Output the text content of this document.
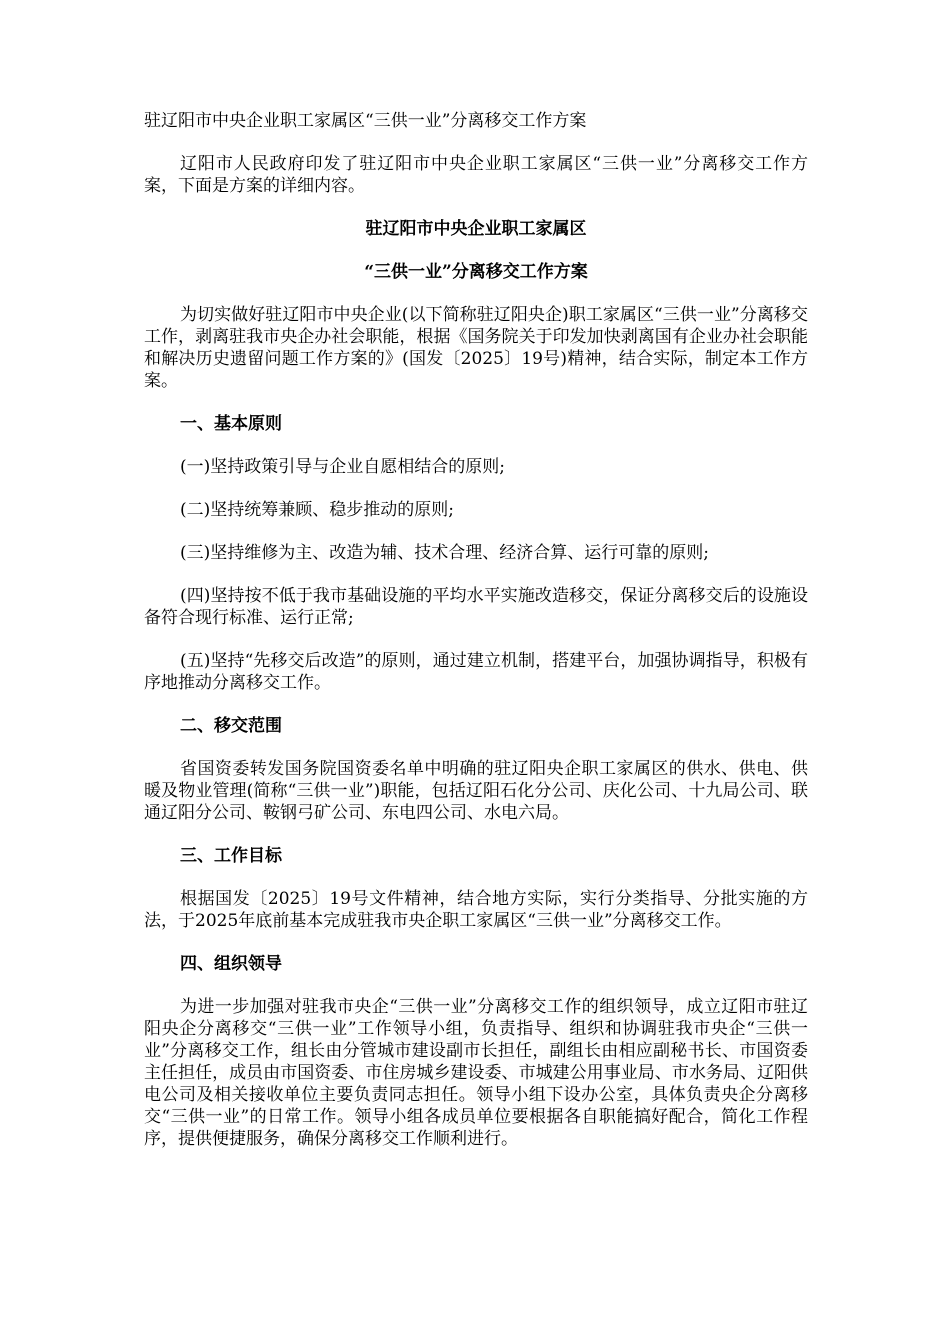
驻辽阳市中央企业职工家属区“三供一业”分离移交工作方案

辽阳市人民政府印发了驻辽阳市中央企业职工家属区“三供一业”分离移交工作方案，下面是方案的详细内容。

驻辽阳市中央企业职工家属区

“三供一业”分离移交工作方案

为切实做好驻辽阳市中央企业(以下简称驻辽阳央企)职工家属区“三供一业”分离移交工作，剥离驻我市央企办社会职能，根据《国务院关于印发加快剥离国有企业办社会职能和解决历史遗留问题工作方案的》(国发〔2025〕19号)精神，结合实际，制定本工作方案。

一、基本原则

(一)坚持政策引导与企业自愿相结合的原则;

(二)坚持统筹兼顾、稳步推动的原则;

(三)坚持维修为主、改造为辅、技术合理、经济合算、运行可靠的原则;

(四)坚持按不低于我市基础设施的平均水平实施改造移交，保证分离移交后的设施设备符合现行标准、运行正常;

(五)坚持“先移交后改造”的原则，通过建立机制，搭建平台，加强协调指导，积极有序地推动分离移交工作。

二、移交范围

省国资委转发国务院国资委名单中明确的驻辽阳央企职工家属区的供水、供电、供暖及物业管理(简称“三供一业”)职能，包括辽阳石化分公司、庆化公司、十九局公司、联通辽阳分公司、鞍钢弓矿公司、东电四公司、水电六局。

三、工作目标

根据国发〔2025〕19号文件精神，结合地方实际，实行分类指导、分批实施的方法，于2025年底前基本完成驻我市央企职工家属区“三供一业”分离移交工作。

四、组织领导

为进一步加强对驻我市央企“三供一业”分离移交工作的组织领导，成立辽阳市驻辽阳央企分离移交“三供一业”工作领导小组，负责指导、组织和协调驻我市央企“三供一业”分离移交工作，组长由分管城市建设副市长担任，副组长由相应副秘书长、市国资委主任担任，成员由市国资委、市住房城乡建设委、市城建公用事业局、市水务局、辽阳供电公司及相关接收单位主要负责同志担任。领导小组下设办公室，具体负责央企分离移交“三供一业”的日常工作。领导小组各成员单位要根据各自职能搞好配合，简化工作程序，提供便捷服务，确保分离移交工作顺利进行。
